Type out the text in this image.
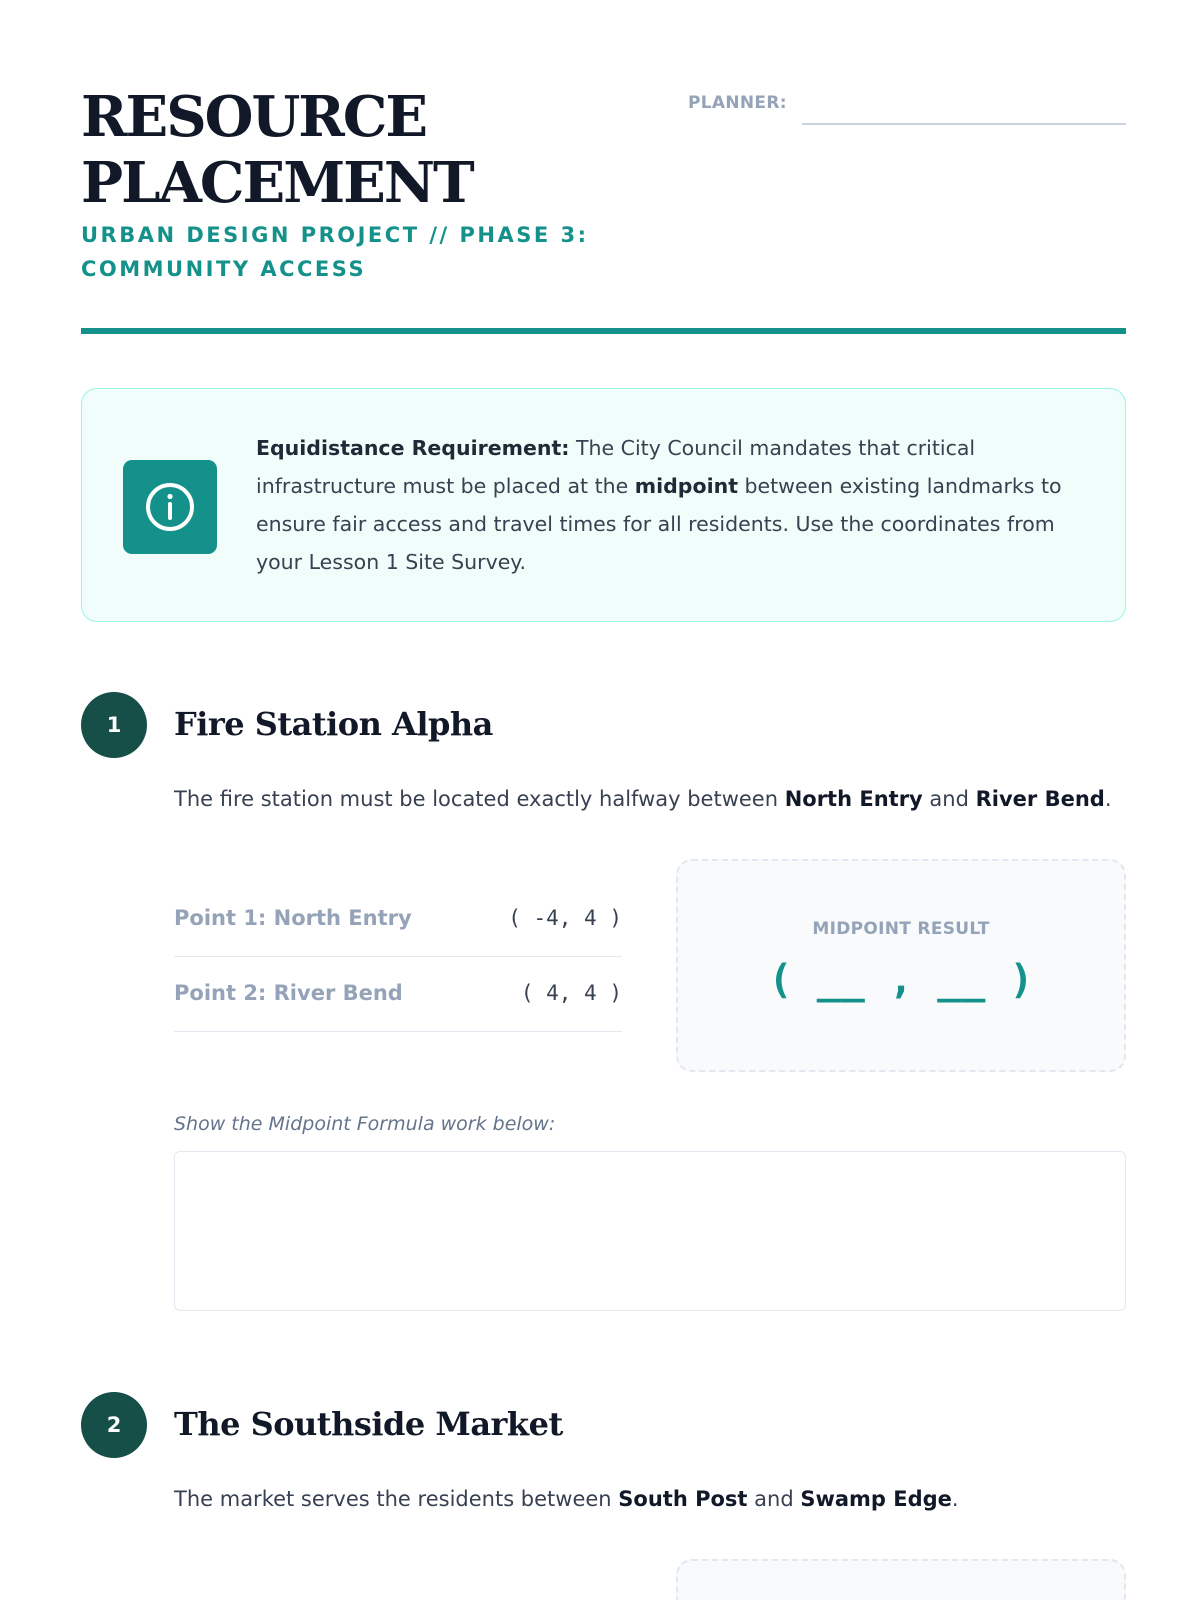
RESOURCE
PLACEMENT
URBAN DESIGN PROJECT // PHASE 3:
COMMUNITY ACCESS
PLANNER:

Equidistance Requirement: The City Council mandates that critical infrastructure must be placed at the midpoint between existing landmarks to ensure fair access and travel times for all residents. Use the coordinates from your Lesson 1 Site Survey.

1	Fire Station Alpha

The fire station must be located exactly halfway between North Entry and River Bend.

Point 1: North Entry	( -4, 4 )
Point 2: River Bend	( 4, 4 )
MIDPOINT RESULT
( __ , __ )
Show the Midpoint Formula work below:
2	The Southside Market

The market serves the residents between South Post and Swamp Edge.
